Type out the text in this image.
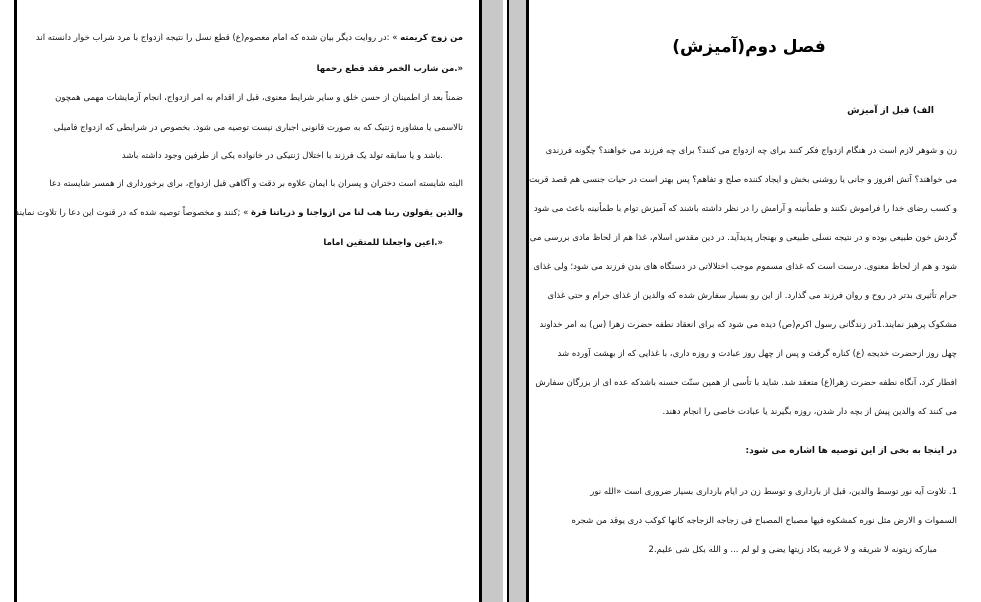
من زوج کریمته » :در روایت دیگر بیان شده که امام معصوم(ع) قطع نسل را نتیجه ازدواج با مرد شراب خوار دانسته اند
«.من شارب الخمر فقد قطع رحمها
ضمناً بعد از اطمینان از حسن خلق و سایر شرایط معنوی، قبل از اقدام به امر ازدواج، انجام آزمایشات مهمی همچون
تالاسمی یا مشاوره ژنتیک که به صورت قانونی اجباری نیست توصیه می شود. بخصوص در شرایطی که ازدواج فامیلی
.باشد و یا سابقه تولد یک فرزند با اختلال ژنتیکی در خانواده یکی از طرفین وجود داشته باشد
البته شایسته است دختران و پسران با ایمان علاوه بر دقت و آگاهی قبل ازدواج، برای برخورداری از همسر شایسته دعا
والذین یقولون ربنا هب لنا من ازواجنا و ذریاتنا قرة » ;کنند و مخصوصاً توصیه شده که در قنوت این دعا را تلاوت نمایند
«.اعین واجعلنا للمتقین اماما
فصل دوم(آمیزش)
الف) قبل از آمیزش
زن و شوهر لازم است در هنگام ازدواج فکر کنند برای چه ازدواج می کنند؟ برای چه فرزند می خواهند؟ چگونه فرزندی
می خواهند؟ آتش افروز و جانی یا روشنی بخش و ایجاد کننده صلح و تفاهم؟ پس بهتر است در حیات جنسی هم قصد قربت
و کسب رضای خدا را فراموش نکنند و طمأنینه و آرامش را در نظر داشته باشند که آمیزش توام با طمأنینه باعث می شود
گردش خون طبیعی بوده و در نتیجه نسلی طبیعی و بهنجار پدیدآید. در دین مقدس اسلام، غذا هم از لحاظ مادی بررسی می
شود و هم از لحاظ معنوی. درست است که غذای مسموم موجب اختلالاتی در دستگاه های بدن فرزند می شود؛ ولی غذای
حرام تأثیری بدتر در روح و روان فرزند می گذارد. از این رو بسیار سفارش شده که والدین از غذای حرام و حتی غذای
مشکوک پرهیز نمایند.1در زندگانی رسول اکرم(ص) دیده می شود که برای انعقاد نطفه حضرت زهرا (س) به امر خداوند
چهل روز ازحضرت خدیجه (ع) کناره گرفت و پس از چهل روز عبادت و روزه داری، با غذایی که از بهشت آورده شد
افطار کرد، آنگاه نطفه حضرت زهرا(ع) منعقد شد. شاید با تأسی از همین سنّت حسنه باشدکه عده ای از بزرگان سفارش
می کنند که والدین پیش از بچه دار شدن، روزه بگیرند یا عبادت خاصی را انجام دهند.
در اینجا به بخی از این توصیه ها اشاره می شود:
1. تلاوت آیه نور توسط والدین، قبل از بارداری و توسط زن در ایام بارداری بسیار ضروری است «الله نور
السموات و الارض مثل نوره کمشکوه فیها مصباح المصباح فی زجاجه الزجاجه کانها کوکب دری یوقد من شجره
مبارکه زیتونه لا شریقه و لا غربیه یکاد زیتها یضی و لو لم ... و الله بکل شی علیم.2
